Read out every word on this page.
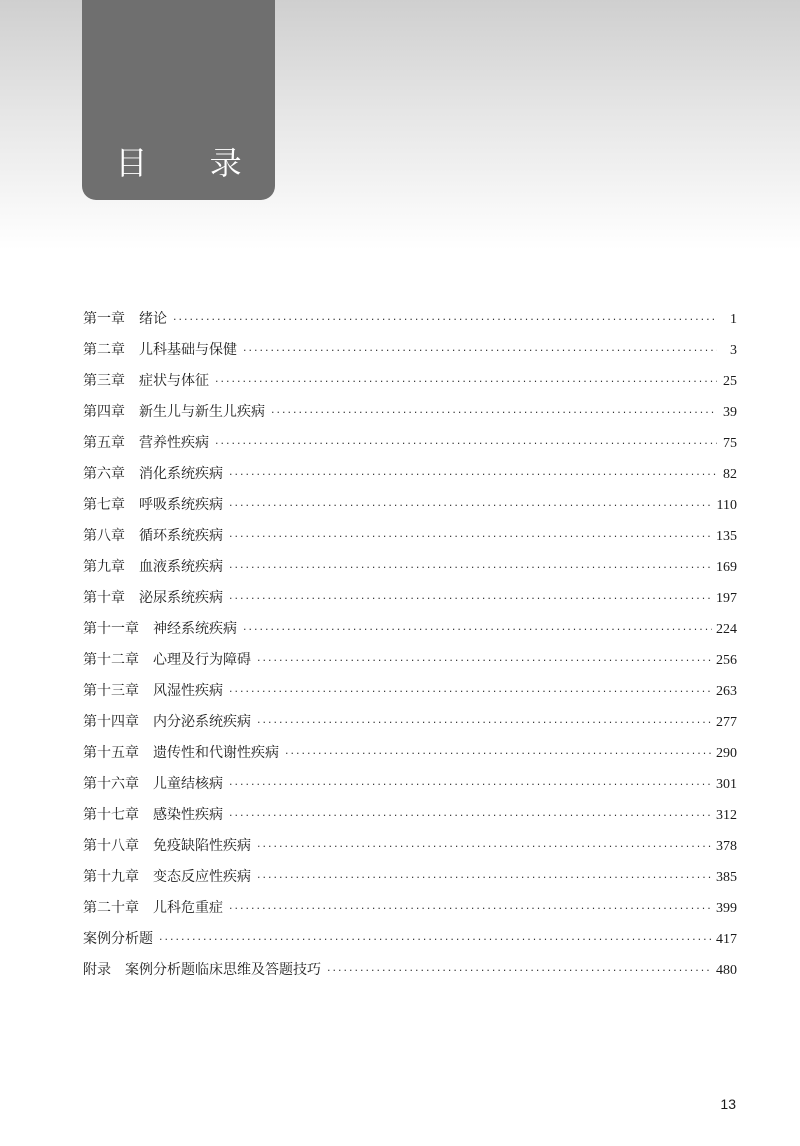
目 录
第一章 绪论 ·····	1
第二章 儿科基础与保健 ·····	3
第三章 症状与体征 ·····	25
第四章 新生儿与新生儿疾病 ·····	39
第五章 营养性疾病 ·····	75
第六章 消化系统疾病 ·····	82
第七章 呼吸系统疾病 ·····	110
第八章 循环系统疾病 ·····	135
第九章 血液系统疾病 ·····	169
第十章 泌尿系统疾病 ·····	197
第十一章 神经系统疾病 ·····	224
第十二章 心理及行为障碍 ·····	256
第十三章 风湿性疾病 ·····	263
第十四章 内分泌系统疾病 ·····	277
第十五章 遗传性和代谢性疾病 ·····	290
第十六章 儿童结核病 ·····	301
第十七章 感染性疾病 ·····	312
第十八章 免疫缺陷性疾病 ·····	378
第十九章 变态反应性疾病 ·····	385
第二十章 儿科危重症 ·····	399
案例分析题 ·····	417
附录 案例分析题临床思维及答题技巧 ·····	480
13
